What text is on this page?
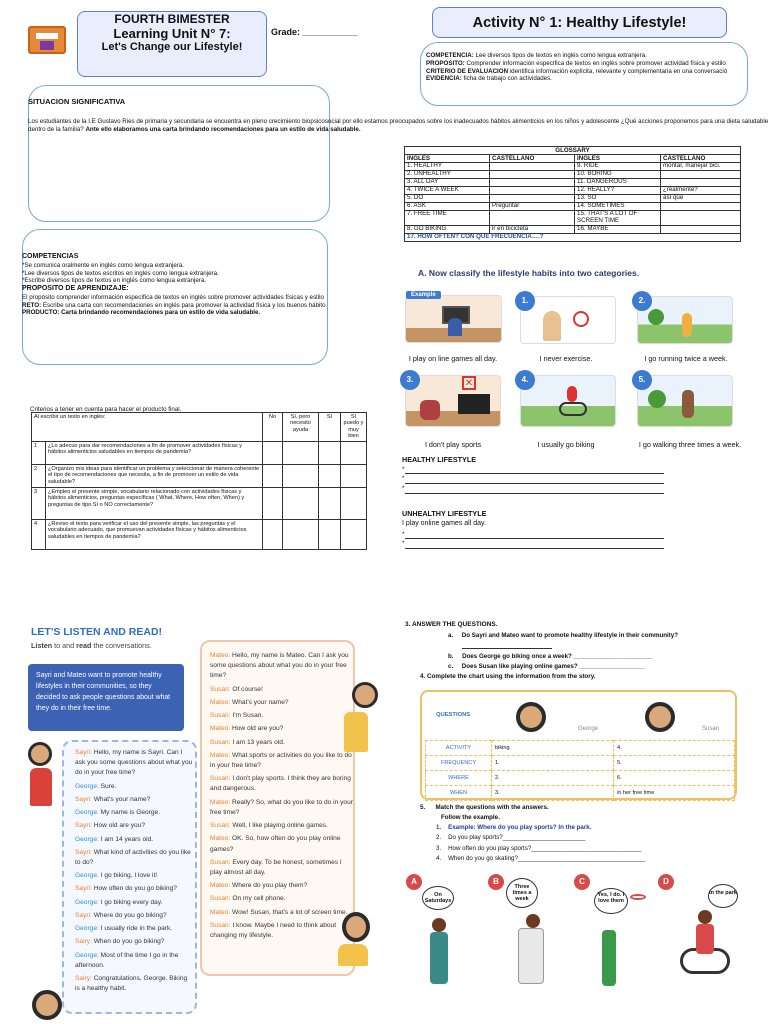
FOURTH BIMESTER
Learning Unit N° 7:
Let's Change our Lifestyle!
Grade: ___________
SITUACION SIGNIFICATIVA
Los estudiantes de la I.E Gustavo Ries de primaria y secundaria se encuentra en pleno crecimiento biopsicosocial por ello estamos preocupados sobre los inadecuados hábitos alimenticios en los niños y adolescente ¿Qué acciones proponemos para una dieta saludable dentro de la familia? Ante ello elaboramos una carta brindando recomendaciones para un estilo de vida saludable.
COMPETENCIAS
*Se comunica oralmente en inglés como lengua extranjera.
*Lee diversos tipos de textos escritos en inglés como lengua extranjera.
*Escribe diversos tipos de textos en inglés como lengua extranjera.
PROPOSITO DE APRENDIZAJE:
El propósito comprender información específica de textos en inglés sobre promover actividades físicas y estilo
RETO: Escribe una carta con recomendaciones en inglés para promover la actividad física y los buenos hábito
PRODUCTO: Carta brindando recomendaciones para un estilo de vida saludable.
Criterios a tener en cuenta para hacer el producto final.
Al escribir un texto en inglés:		No	Sí, pero necesito ayuda	Sí	Sí puedo y muy bien
1	¿Lo adecuo para dar recomendaciones a fin de promover actividades físicas y hábitos alimenticios saludables en tiempos de pandemia?				
2	¿Organizo mis ideas para identificar un problema y seleccionar de manera coherente el tipo de recomendaciones que necesita, a fin de promover un estilo de vida saludable?				
3	¿Empleo el presente simple, vocabulario relacionado con actividades físicas y hábitos alimenticios, preguntas específicas ( What, Where, How often, When) y preguntas de tipo Sí o NO correctamente?				
4	¿Reviso el texto para verificar el uso del presente simple, las preguntas y el vocabulario adecuado, que promuevan actividades físicas y hábitos alimenticios saludables en tiempos de pandemia?				
Activity N° 1: Healthy Lifestyle!
COMPETENCIA: Lee diversos tipos de textos en inglés como lengua extranjera.
PROPOSITO: Comprender información específica de textos en inglés sobre promover actividad física y estilo
CRITERIO DE EVALUACION identifica información explícita, relevante y complementaria en una conversació
EVIDENCIA: ficha de trabajo con actividades.
GLOSSARY			
INGLES	CASTELLANO	INGLES	CASTELLANO
1. HEALTHY		9. RIDE	montar, manejar bici.
2. UNHEALTHY		10. BORING	
3. ALL DAY		11. DANGEROUS	
4. TWICE A WEEK		12. REALLY?	¿realmente?
5. DO		13. SO	así que
6. ASK	Preguntar	14. SOMETIMES	
7. FREE TIME		15. THAT'S A LOT OF SCREEN TIME	
8. GO BIKING	ir en bicicleta	16. MAYBE	
17. HOW OFTEN? CON QUE FRECUENCIA….?			
A. Now classify the lifestyle habits into two categories.
Example
1.	2.
I play on line games all day.	I never exercise.	I go running twice a week.
3.	✕	4.	5.
I don't play sports	I usually go biking	I go walking three times a week.
HEALTHY LIFESTYLE
*
*
*
UNHEALTHY LIFESTYLE
I play online games all day.
*
*
LET'S LISTEN AND READ!
Listen to and read the conversations.
Sayri and Mateo want to promote healthy lifestyles in their communities, so they decided to ask people questions about what they do in their free time.

Sayri: Hello, my name is Sayri. Can I ask you some questions about what you do in your free time?

George: Sure.

Sayri: What's your name?

George: My name is George.

Sayri: How old are you?

George: I am 14 years old.

Sayri: What kind of activities do you like to do?

George: I go biking, I love it!

Sayri: How often do you go biking?

George: I go biking every day.

Sayri: Where do you go biking?

George: I usually ride in the park.

Sairy: When do you go biking?

George: Most of the time I go in the afternoon.

Sairy: Congratulations, George. Biking is a healthy habit.

Mateo: Hello, my name is Mateo. Can I ask you some questions about what you do in your free time?

Susan: Of course!

Mateo: What's your name?

Susan: I'm Susan.

Mateo: How old are you?

Susan: I am 13 years old.

Mateo: What sports or activities do you like to do in your free time?

Susan: I don't play sports. I think they are boring and dangerous.

Mateo: Really? So, what do you like to do in your free time?

Susan: Well, I like playing online games.

Mateo: OK. So, how often do you play online games?

Susan: Every day. To be honest, sometimes I play almost all day.

Mateo: Where do you play them?

Susan: On my cell phone.

Mateo: Wow! Susan, that's a lot of screen time.

Susan: I know. Maybe I need to think about changing my lifestyle.

3. ANSWER THE QUESTIONS.
a. Do Sayri and Mateo want to promote healthy lifestyle in their community?
b. Does George go biking once a week? _______________________
c. Does Susan like playing online games? ___________________
4. Complete the chart using the information from the story.
QUESTIONS
George	Susan
ACTIVITY	biking	4.
FREQUENCY	1.	5.
WHERE	2.	6.
WHEN	3.	in her free time
5. Match the questions with the answers.
Follow the example.
1. Example: Where do you play sports? In the park.
2. Do you play sports?________________________
3. How often do you play sports?________________________________
4. When do you go skating?_____________________________________
A
On Saturdays
B
Three times a week
C
Yes, I do. I love them
D
In the park
